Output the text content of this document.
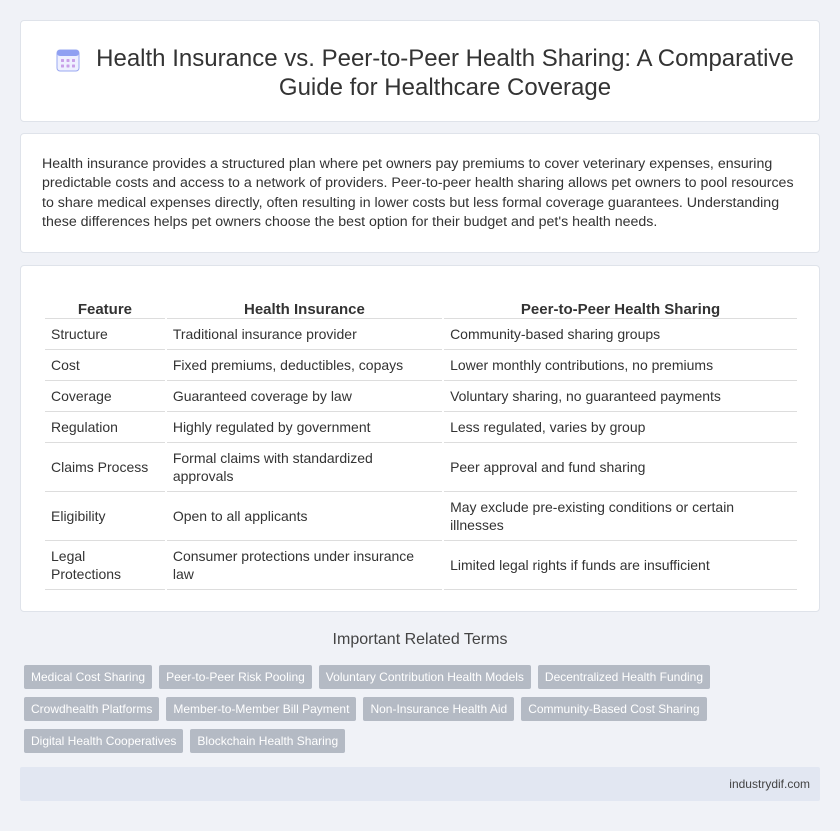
Health Insurance vs. Peer-to-Peer Health Sharing: A Comparative Guide for Healthcare Coverage

Health insurance provides a structured plan where pet owners pay premiums to cover veterinary expenses, ensuring predictable costs and access to a network of providers. Peer-to-peer health sharing allows pet owners to pool resources to share medical expenses directly, often resulting in lower costs but less formal coverage guarantees. Understanding these differences helps pet owners choose the best option for their budget and pet's health needs.

Feature	Health Insurance	Peer-to-Peer Health Sharing
Structure	Traditional insurance provider	Community-based sharing groups
Cost	Fixed premiums, deductibles, copays	Lower monthly contributions, no premiums
Coverage	Guaranteed coverage by law	Voluntary sharing, no guaranteed payments
Regulation	Highly regulated by government	Less regulated, varies by group
Claims Process	Formal claims with standardized approvals	Peer approval and fund sharing
Eligibility	Open to all applicants	May exclude pre-existing conditions or certain illnesses
Legal Protections	Consumer protections under insurance law	Limited legal rights if funds are insufficient
Important Related Terms
Medical Cost Sharing	Peer-to-Peer Risk Pooling	Voluntary Contribution Health Models	Decentralized Health Funding
Crowdhealth Platforms	Member-to-Member Bill Payment	Non-Insurance Health Aid	Community-Based Cost Sharing
Digital Health Cooperatives	Blockchain Health Sharing
industrydif.com
